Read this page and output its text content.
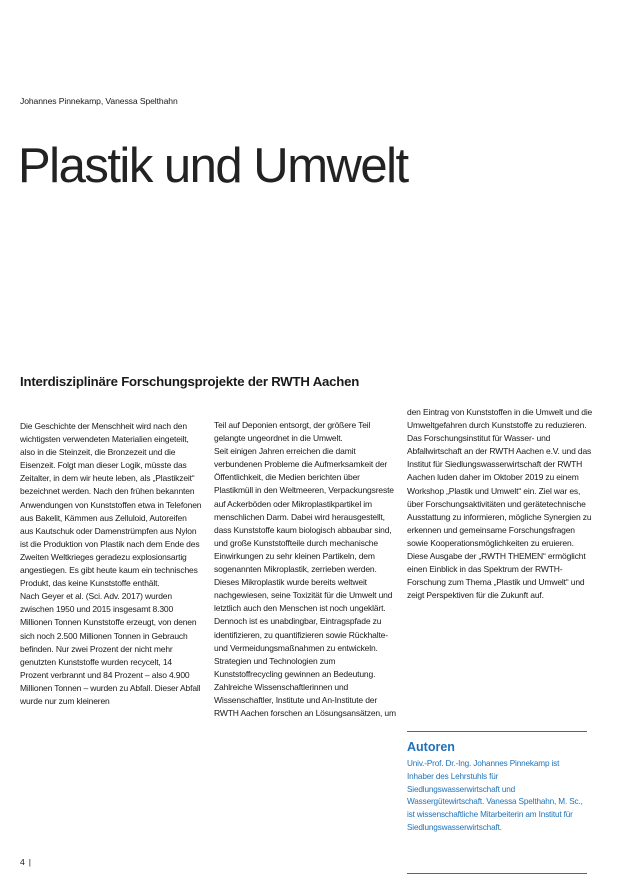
Johannes Pinnekamp, Vanessa Spelthahn
Plastik und Umwelt
Interdisziplinäre Forschungsprojekte der RWTH Aachen

Die Geschichte der Menschheit wird nach den wichtigsten verwendeten Materialien eingeteilt, also in die Steinzeit, die Bronzezeit und die Eisenzeit. Folgt man dieser Logik, müsste das Zeitalter, in dem wir heute leben, als „Plastikzeit“ bezeichnet werden. Nach den frühen bekannten Anwendungen von Kunststoffen etwa in Telefonen aus Bakelit, Kämmen aus Zelluloid, Autoreifen aus Kautschuk oder Damenstrümpfen aus Nylon ist die Produktion von Plastik nach dem Ende des Zweiten Weltkrieges geradezu explosionsartig angestiegen. Es gibt heute kaum ein technisches Produkt, das keine Kunststoffe enthält.

Nach Geyer et al. (Sci. Adv. 2017) wurden zwischen 1950 und 2015 insgesamt 8.300 Millionen Tonnen Kunststoffe erzeugt, von denen sich noch 2.500 Millionen Tonnen in Gebrauch befinden. Nur zwei Prozent der nicht mehr genutzten Kunststoffe wurden recycelt, 14 Prozent verbrannt und 84 Prozent – also 4.900 Millionen Tonnen – wurden zu Abfall. Dieser Abfall wurde nur zum kleineren

Teil auf Deponien entsorgt, der größere Teil gelangte ungeordnet in die Umwelt.

Seit einigen Jahren erreichen die damit verbundenen Probleme die Aufmerksamkeit der Öffentlichkeit, die Medien berichten über Plastikmüll in den Weltmeeren, Verpackungsreste auf Ackerböden oder Mikroplastikpartikel im menschlichen Darm. Dabei wird herausgestellt, dass Kunststoffe kaum biologisch abbaubar sind, und große Kunststoffteile durch mechanische Einwirkungen zu sehr kleinen Partikeln, dem sogenannten Mikroplastik, zerrieben werden. Dieses Mikroplastik wurde bereits weltweit nachgewiesen, seine Toxizität für die Umwelt und letztlich auch den Menschen ist noch ungeklärt. Dennoch ist es unabdingbar, Eintragspfade zu identifizieren, zu quantifizieren sowie Rückhalte- und Vermeidungsmaßnahmen zu entwickeln. Strategien und Technologien zum Kunststoffrecycling gewinnen an Bedeutung.

Zahlreiche Wissenschaftlerinnen und Wissenschaftler, Institute und An-Institute der RWTH Aachen forschen an Lösungsansätzen, um

den Eintrag von Kunststoffen in die Umwelt und die Umweltgefahren durch Kunststoffe zu reduzieren. Das Forschungsinstitut für Wasser- und Abfallwirtschaft an der RWTH Aachen e.V. und das Institut für Siedlungswasserwirtschaft der RWTH Aachen luden daher im Oktober 2019 zu einem Workshop „Plastik und Umwelt“ ein. Ziel war es, über Forschungsaktivitäten und gerätetechnische Ausstattung zu informieren, mögliche Synergien zu erkennen und gemeinsame Forschungsfragen sowie Kooperationsmöglichkeiten zu eruieren.

Diese Ausgabe der „RWTH THEMEN“ ermöglicht einen Einblick in das Spektrum der RWTH-Forschung zum Thema „Plastik und Umwelt“ und zeigt Perspektiven für die Zukunft auf.

Autoren

Univ.-Prof. Dr.-Ing. Johannes Pinnekamp ist Inhaber des Lehrstuhls für Siedlungswasserwirtschaft und Wassergütewirtschaft. Vanessa Spelthahn, M. Sc., ist wissenschaftliche Mitarbeiterin am Institut für Siedlungswasserwirtschaft.

4 |
